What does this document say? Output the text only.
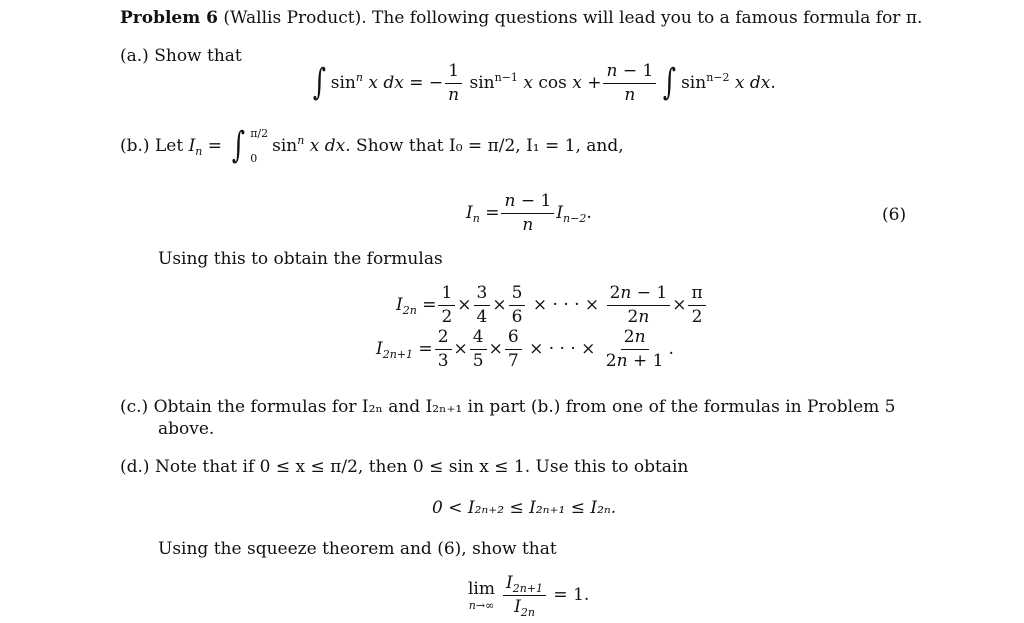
Problem 6 (Wallis Product). The following questions will lead you to a famous formula for π.
(a.) Show that
∫ $\sin^n x$ dx = − $\frac{1}{n} \sin^{n-1} x$ $\cos x + \frac{n - 1}{n}$ ∫ $\sin^{n-2} x$ dx.
(b.)
Let
$I_n$ = ∫ π/2
0
$\sin^n x$ dx. Show that I₀ = π/2, I₁ = 1, and,
$I_n = \frac{n - 1}{n} I_{n-2}$ .	(6)
Using this to obtain the formulas
$I_{2n} = \frac{1}{2} \times \frac{3}{4} \times \frac{5}{6}$ × · · · × $\frac{2n - 1}{2n} \times \frac{\pi}{2}$
$I_{2n+1} = \frac{2}{3} \times \frac{4}{5} \times \frac{6}{7}$ × · · · × $\frac{2n}{2n + 1}$ .
(c.) Obtain the formulas for I₂ₙ and I₂ₙ₊₁ in part (b.) from one of the formulas in Problem 5
above.
(d.) Note that if 0 ≤ x ≤ π/2, then 0 ≤ sin x ≤ 1. Use this to obtain
0 < I₂ₙ₊₂ ≤ I₂ₙ₊₁ ≤ I₂ₙ.
Using the squeeze theorem and (6), show that
lim
$n\to\infty \frac{I_{2n+1}}{I_{2n}} = 1$.
